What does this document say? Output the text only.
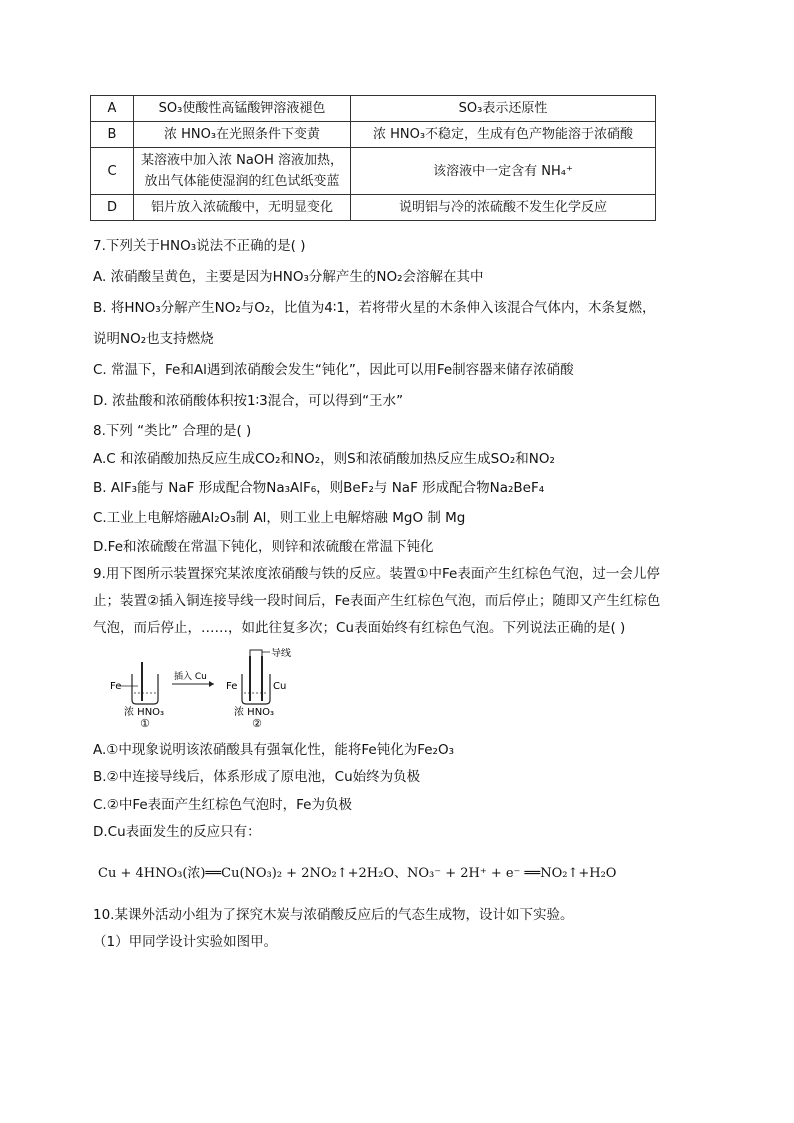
A	SO₃使酸性高锰酸钾溶液褪色	SO₃表示还原性
B	浓 HNO₃在光照条件下变黄	浓 HNO₃不稳定，生成有色产物能溶于浓硝酸
C	某溶液中加入浓 NaOH 溶液加热，
放出气体能使湿润的红色试纸变蓝	该溶液中一定含有 NH₄⁺
D	铝片放入浓硫酸中，无明显变化	说明铝与冷的浓硫酸不发生化学反应
7.下列关于HNO₃说法不正确的是( )
A. 浓硝酸呈黄色，主要是因为HNO₃分解产生的NO₂会溶解在其中
B. 将HNO₃分解产生NO₂与O₂，比值为4∶1，若将带火星的木条伸入该混合气体内，木条复燃，
说明NO₂也支持燃烧
C. 常温下，Fe和Al遇到浓硝酸会发生“钝化”，因此可以用Fe制容器来储存浓硝酸
D. 浓盐酸和浓硝酸体积按1∶3混合，可以得到“王水”
8.下列 “类比” 合理的是( )
A.C 和浓硝酸加热反应生成CO₂和NO₂，则S和浓硝酸加热反应生成SO₂和NO₂
B. AlF₃能与 NaF 形成配合物Na₃AlF₆，则BeF₂与 NaF 形成配合物Na₂BeF₄
C.工业上电解熔融Al₂O₃制 Al，则工业上电解熔融 MgO 制 Mg
D.Fe和浓硫酸在常温下钝化，则锌和浓硫酸在常温下钝化
9.用下图所示装置探究某浓度浓硝酸与铁的反应。装置①中Fe表面产生红棕色气泡，过一会儿停
止；装置②插入铜连接导线一段时间后，Fe表面产生红棕色气泡，而后停止；随即又产生红棕色
气泡，而后停止，……，如此往复多次；Cu表面始终有红棕色气泡。下列说法正确的是( )
Fe
浓 HNO₃
①
插入 Cu
导线
Fe	Cu
浓 HNO₃
②
A.①中现象说明该浓硝酸具有强氧化性，能将Fe钝化为Fe₂O₃
B.②中连接导线后，体系形成了原电池，Cu始终为负极
C.②中Fe表面产生红棕色气泡时，Fe为负极
D.Cu表面发生的反应只有：
Cu + 4HNO₃(浓)══Cu(NO₃)₂ + 2NO₂↑+2H₂O、NO₃⁻ + 2H⁺ + e⁻ ══NO₂↑+H₂O
10.某课外活动小组为了探究木炭与浓硝酸反应后的气态生成物，设计如下实验。
（1）甲同学设计实验如图甲。
